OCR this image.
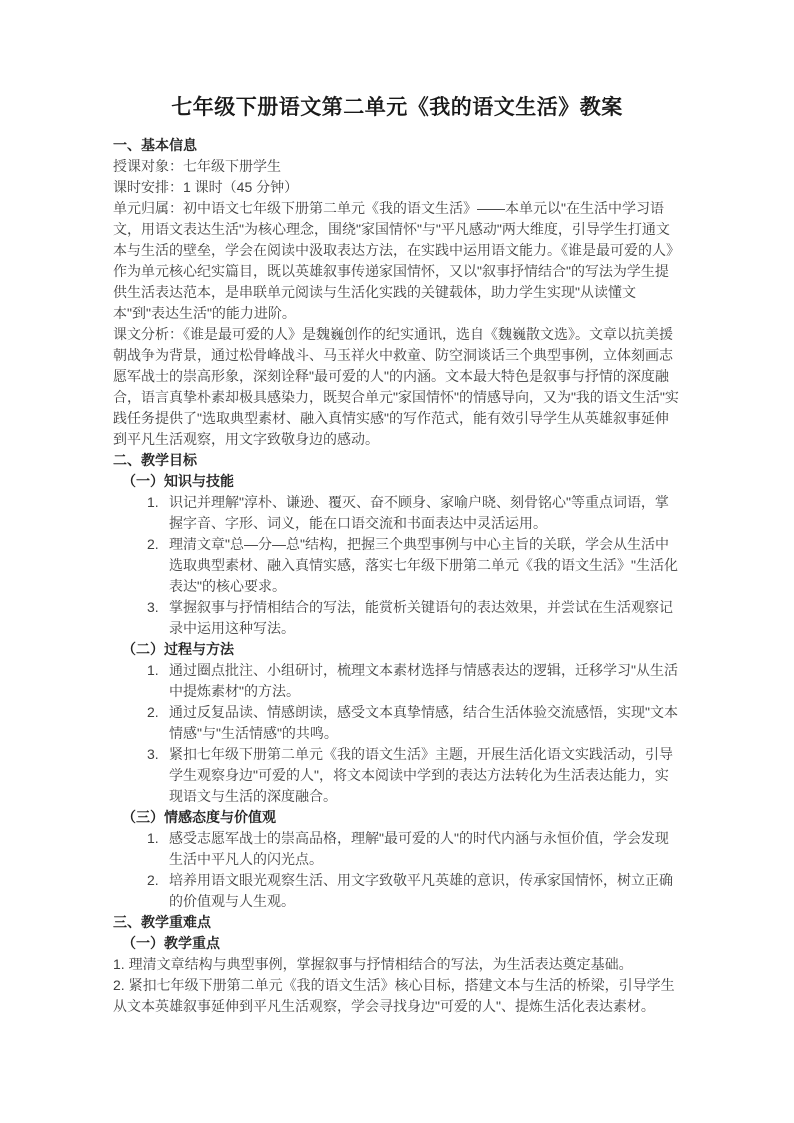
七年级下册语文第二单元《我的语文生活》教案

一、基本信息

授课对象：七年级下册学生

课时安排：1 课时（45 分钟）

单元归属：初中语文七年级下册第二单元《我的语文生活》——本单元以"在生活中学习语文，用语文表达生活"为核心理念，围绕"家国情怀"与"平凡感动"两大维度，引导学生打通文本与生活的壁垒，学会在阅读中汲取表达方法，在实践中运用语文能力。《谁是最可爱的人》作为单元核心纪实篇目，既以英雄叙事传递家国情怀，又以"叙事抒情结合"的写法为学生提供生活表达范本，是串联单元阅读与生活化实践的关键载体，助力学生实现"从读懂文本"到"表达生活"的能力进阶。

课文分析：《谁是最可爱的人》是魏巍创作的纪实通讯，选自《魏巍散文选》。文章以抗美援朝战争为背景，通过松骨峰战斗、马玉祥火中救童、防空洞谈话三个典型事例，立体刻画志愿军战士的崇高形象，深刻诠释"最可爱的人"的内涵。文本最大特色是叙事与抒情的深度融合，语言真挚朴素却极具感染力，既契合单元"家国情怀"的情感导向，又为"我的语文生活"实践任务提供了"选取典型素材、融入真情实感"的写作范式，能有效引导学生从英雄叙事延伸到平凡生活观察，用文字致敬身边的感动。

二、教学目标

（一）知识与技能

1. 识记并理解"淳朴、谦逊、覆灭、奋不顾身、家喻户晓、刻骨铭心"等重点词语，掌握字音、字形、词义，能在口语交流和书面表达中灵活运用。
2. 理清文章"总—分—总"结构，把握三个典型事例与中心主旨的关联，学会从生活中选取典型素材、融入真情实感，落实七年级下册第二单元《我的语文生活》"生活化表达"的核心要求。
3. 掌握叙事与抒情相结合的写法，能赏析关键语句的表达效果，并尝试在生活观察记录中运用这种写法。

（二）过程与方法

1. 通过圈点批注、小组研讨，梳理文本素材选择与情感表达的逻辑，迁移学习"从生活中提炼素材"的方法。
2. 通过反复品读、情感朗读，感受文本真挚情感，结合生活体验交流感悟，实现"文本情感"与"生活情感"的共鸣。
3. 紧扣七年级下册第二单元《我的语文生活》主题，开展生活化语文实践活动，引导学生观察身边"可爱的人"，将文本阅读中学到的表达方法转化为生活表达能力，实现语文与生活的深度融合。

（三）情感态度与价值观

1. 感受志愿军战士的崇高品格，理解"最可爱的人"的时代内涵与永恒价值，学会发现生活中平凡人的闪光点。
2. 培养用语文眼光观察生活、用文字致敬平凡英雄的意识，传承家国情怀，树立正确的价值观与人生观。

三、教学重难点

（一）教学重点

1. 理清文章结构与典型事例，掌握叙事与抒情相结合的写法，为生活表达奠定基础。

2. 紧扣七年级下册第二单元《我的语文生活》核心目标，搭建文本与生活的桥梁，引导学生从文本英雄叙事延伸到平凡生活观察，学会寻找身边"可爱的人"、提炼生活化表达素材。
